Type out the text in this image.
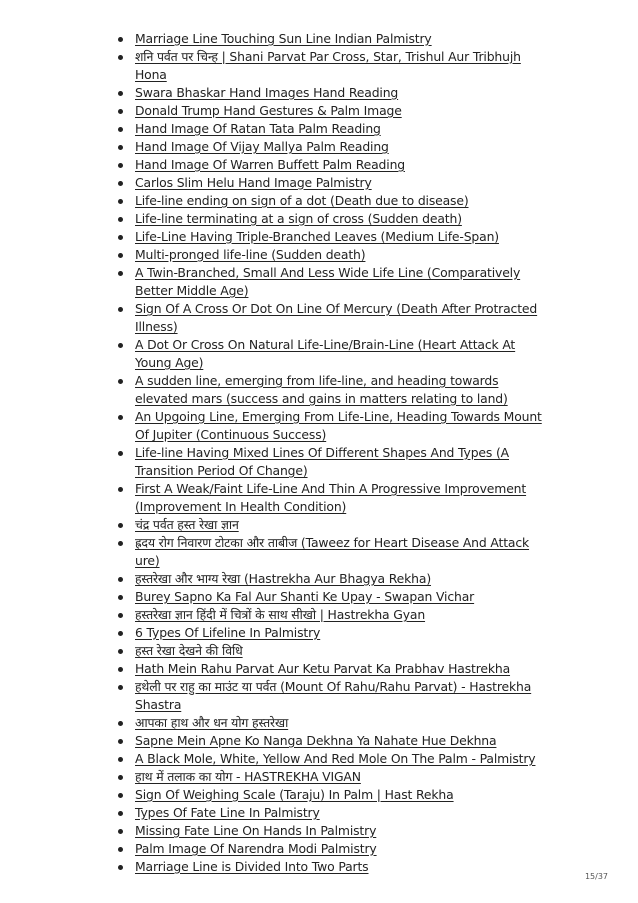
Marriage Line Touching Sun Line Indian Palmistry
शनि पर्वत पर चिन्ह | Shani Parvat Par Cross, Star, Trishul Aur Tribhujh Hona
Swara Bhaskar Hand Images Hand Reading
Donald Trump Hand Gestures & Palm Image
Hand Image Of Ratan Tata Palm Reading
Hand Image Of Vijay Mallya Palm Reading
Hand Image Of Warren Buffett Palm Reading
Carlos Slim Helu Hand Image Palmistry
Life-line ending on sign of a dot (Death due to disease)
Life-line terminating at a sign of cross (Sudden death)
Life-Line Having Triple-Branched Leaves (Medium Life-Span)
Multi-pronged life-line (Sudden death)
A Twin-Branched, Small And Less Wide Life Line (Comparatively Better Middle Age)
Sign Of A Cross Or Dot On Line Of Mercury (Death After Protracted Illness)
A Dot Or Cross On Natural Life-Line/Brain-Line (Heart Attack At Young Age)
A sudden line, emerging from life-line, and heading towards elevated mars (success and gains in matters relating to land)
An Upgoing Line, Emerging From Life-Line, Heading Towards Mount Of Jupiter (Continuous Success)
Life-line Having Mixed Lines Of Different Shapes And Types (A Transition Period Of Change)
First A Weak/Faint Life-Line And Thin A Progressive Improvement (Improvement In Health Condition)
चंद्र पर्वत हस्त रेखा ज्ञान
ह्रदय रोग निवारण टोटका और ताबीज (Taweez for Heart Disease And Attack ure)
हस्तरेखा और भाग्य रेखा (Hastrekha Aur Bhagya Rekha)
Burey Sapno Ka Fal Aur Shanti Ke Upay - Swapan Vichar
हस्तरेखा ज्ञान हिंदी में चित्रों के साथ सीखो | Hastrekha Gyan
6 Types Of Lifeline In Palmistry
हस्त रेखा देखने की विधि
Hath Mein Rahu Parvat Aur Ketu Parvat Ka Prabhav Hastrekha
हथेली पर राहु का माउंट या पर्वत (Mount Of Rahu/Rahu Parvat) - Hastrekha Shastra
आपका हाथ और धन योग हस्तरेखा
Sapne Mein Apne Ko Nanga Dekhna Ya Nahate Hue Dekhna
A Black Mole, White, Yellow And Red Mole On The Palm - Palmistry
हाथ में तलाक का योग - HASTREKHA VIGAN
Sign Of Weighing Scale (Taraju) In Palm | Hast Rekha
Types Of Fate Line In Palmistry
Missing Fate Line On Hands In Palmistry
Palm Image Of Narendra Modi Palmistry
Marriage Line is Divided Into Two Parts
15/37
